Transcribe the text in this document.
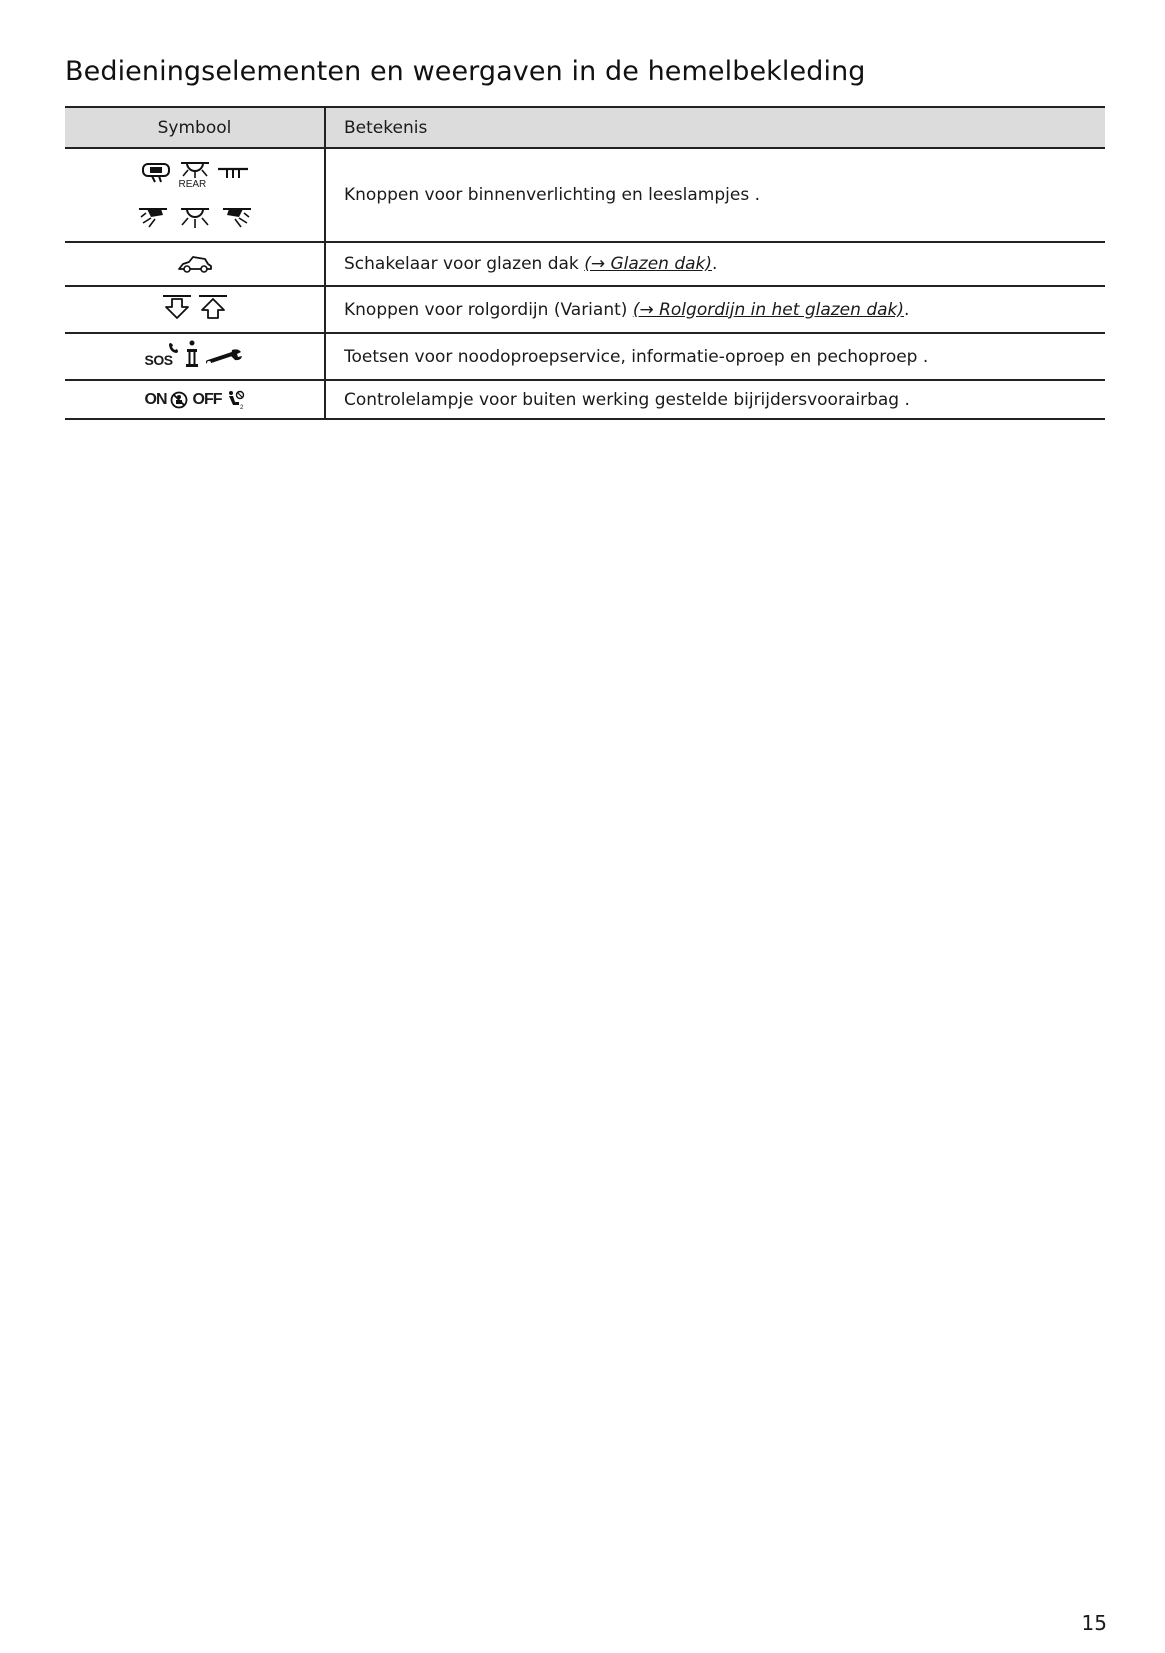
Bedieningselementen en weergaven in de hemelbekleding
Symbool	Betekenis

REAR	Knoppen voor binnenverlichting en leeslampjes .

	Schakelaar voor glazen dak (→ Glazen dak).

	Knoppen voor rolgordijn (Variant) (→ Rolgordijn in het glazen dak).

SOS	Toetsen voor noodoproepservice, informatie-oproep en pechoproep .

ON OFF 2	Controlelampje voor buiten werking gestelde bijrijdersvoorairbag .
15
